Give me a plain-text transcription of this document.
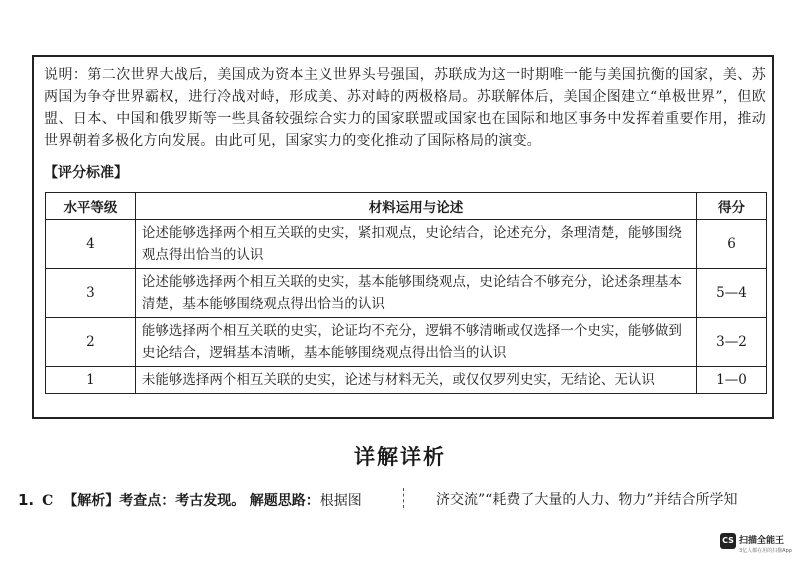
说明：第二次世界大战后，美国成为资本主义世界头号强国，苏联成为这一时期唯一能与美国抗衡的国家，美、苏两国为争夺世界霸权，进行冷战对峙，形成美、苏对峙的两极格局。苏联解体后，美国企图建立“单极世界”，但欧盟、日本、中国和俄罗斯等一些具备较强综合实力的国家联盟或国家也在国际和地区事务中发挥着重要作用，推动世界朝着多极化方向发展。由此可见，国家实力的变化推动了国际格局的演变。
【评分标准】
水平等级	材料运用与论述	得分
4	论述能够选择两个相互关联的史实，紧扣观点，史论结合，论述充分，条理清楚，能够围绕观点得出恰当的认识	6
3	论述能够选择两个相互关联的史实，基本能够围绕观点，史论结合不够充分，论述条理基本清楚，基本能够围绕观点得出恰当的认识	5—4
2	能够选择两个相互关联的史实，论证均不充分，逻辑不够清晰或仅选择一个史实，能够做到史论结合，逻辑基本清晰，基本能够围绕观点得出恰当的认识	3—2
1	未能够选择两个相互关联的史实，论述与材料无关，或仅仅罗列史实，无结论、无认识	1—0
详解详析
1. C 【解析】考查点：考古发现。 解题思路：根据图	济交流”“耗费了大量的人力、物力”并结合所学知
CS 扫描全能王
3亿人都在用的扫描App
